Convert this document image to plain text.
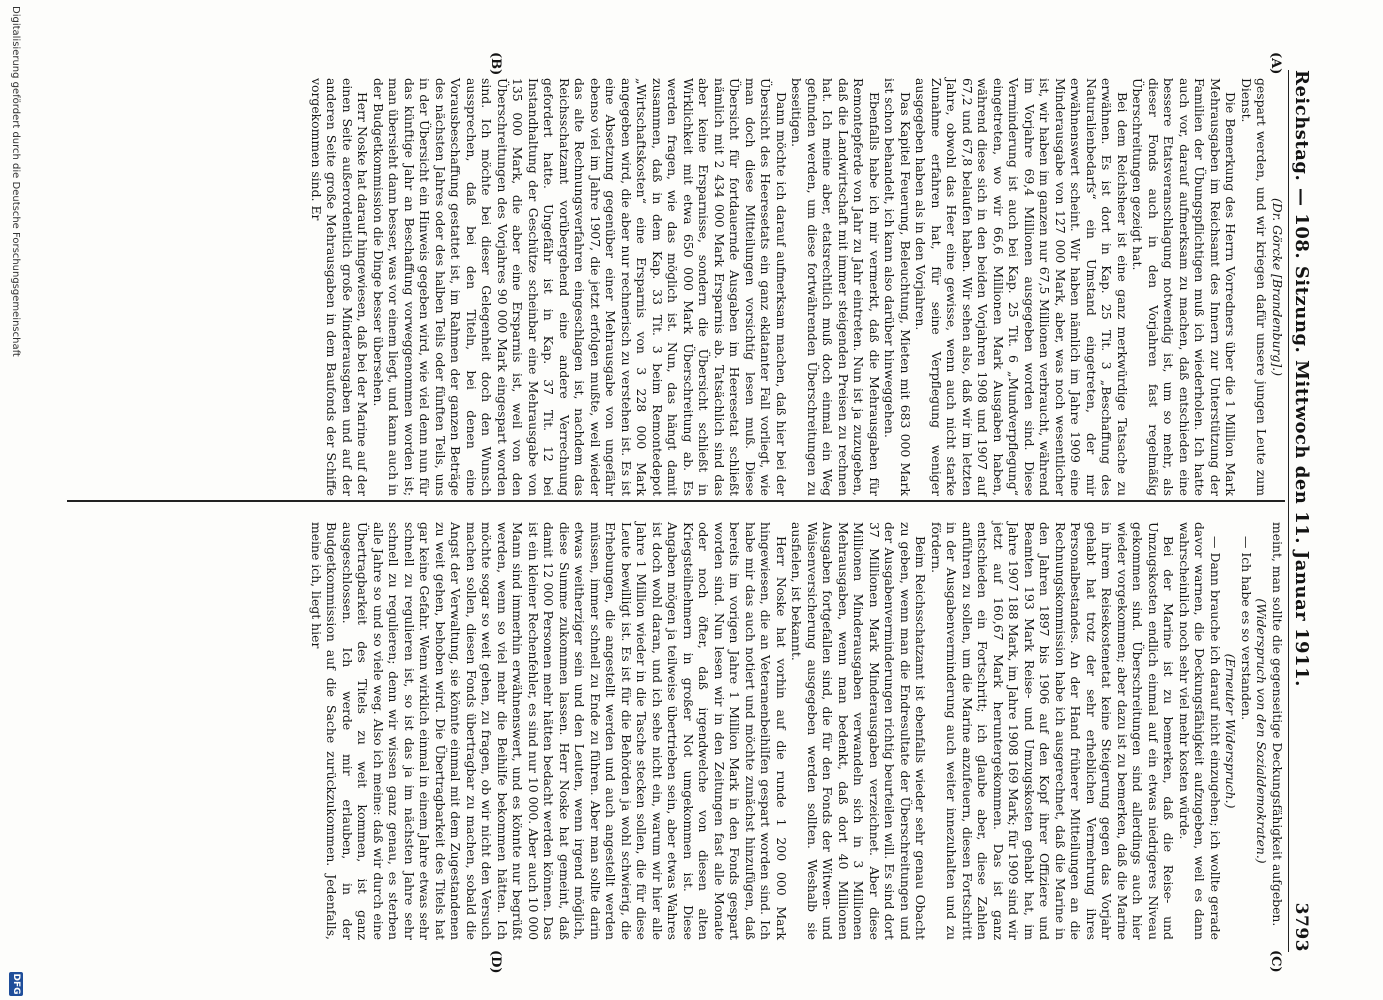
Reichstag. — 108. Sitzung. Mittwoch den 11. Januar 1911.
3793
(A)
(B)
(C)
(D)

(Dr. Görcke [Brandenburg].)

gespart werden, und wir kriegen dafür unsere jungen Leute zum Dienst.

Die Bemerkung des Herrn Vorredners über die 1 Million Mark Mehrausgaben im Reichsamt des Innern zur Unterstützung der Familien der Übungspflichtigen muß ich wiederholen. Ich hatte auch vor, darauf aufmerksam zu machen, daß entschieden eine bessere Etatsveranschlagung notwendig ist, um so mehr, als dieser Fonds auch in den Vorjahren fast regelmäßig Überschreitungen gezeigt hat.

Bei dem Reichsheer ist eine ganz merkwürdige Tatsache zu erwähnen. Es ist dort in Kap. 25 Tit. 3 „Beschaffung des Naturalienbedarfs“ ein Umstand eingetreten, der mir erwähnenswert scheint. Wir haben nämlich im Jahre 1909 eine Minderausgabe von 127 000 Mark, aber, was noch wesentlicher ist, wir haben im ganzen nur 67,5 Millionen verbraucht, während im Vorjahre 69,4 Millionen ausgegeben worden sind. Diese Verminderung ist auch bei Kap. 25 Tit. 6 „Mundverpflegung“ eingetreten, wo wir 66,6 Millionen Mark Ausgaben haben, während diese sich in den beiden Vorjahren 1908 und 1907 auf 67,2 und 67,8 belaufen haben. Wir sehen also, daß wir im letzten Jahre, obwohl das Heer eine gewisse, wenn auch nicht starke Zunahme erfahren hat, für seine Verpflegung weniger ausgegeben haben als in den Vorjahren.

Das Kapitel Feuerung, Beleuchtung, Mieten mit 683 000 Mark ist schon behandelt, ich kann also darüber hinweggehen.

Ebenfalls habe ich mir vermerkt, daß die Mehrausgaben für Remontepferde von Jahr zu Jahr eintreten. Nun ist ja zuzugeben, daß die Landwirtschaft mit immer steigenden Preisen zu rechnen hat. Ich meine aber, etatsrechtlich muß doch einmal ein Weg gefunden werden, um diese fortwährenden Überschreitungen zu beseitigen.

Dann möchte ich darauf aufmerksam machen, daß hier bei der Übersicht des Heeresetats ein ganz eklatanter Fall vorliegt, wie man doch diese Mitteilungen vorsichtig lesen muß. Diese Übersicht für fortdauernde Ausgaben im Heeresetat schließt nämlich mit 2 434 000 Mark Ersparnis ab. Tatsächlich sind das aber keine Ersparnisse, sondern die Übersicht schließt in Wirklichkeit mit etwa 650 000 Mark Überschreitung ab. Es werden fragen, wie das möglich ist. Nun, das hängt damit zusammen, daß in dem Kap. 33 Tit. 3 beim Remontedepot „Wirtschaftskosten“ eine Ersparnis von 3 228 000 Mark angegeben wird, die aber nur rechnerisch zu verstehen ist. Es ist eine Absetzung gegenüber einer Mehrausgabe von ungefähr ebenso viel im Jahre 1907, die jetzt erfolgen mußte, weil wieder das alte Rechnungsverfahren eingeschlagen ist, nachdem das Reichsschatzamt vorübergehend eine andere Verrechnung gefordert hatte. Ungefähr ist in Kap. 37 Tit. 12 bei Instandhaltung der Geschütze scheinbar eine Mehrausgabe von 135 000 Mark, die aber eine Ersparnis ist, weil von den Überschreitungen des Vorjahres 90 000 Mark eingespart worden sind. Ich möchte bei dieser Gelegenheit doch den Wunsch aussprechen, daß bei den Titeln, bei denen eine Vorausbeschaffung gestattet ist, im Rahmen der ganzen Beträge des nächsten Jahres oder des halben Teils oder fünften Teils, uns in der Übersicht ein Hinweis gegeben wird, wie viel denn nun für das künftige Jahr an Beschaffung vorweggenommen worden ist; man übersieht dann besser, was vor einem liegt, und kann auch in der Budgetkommission die Dinge besser übersehen.

Herr Noske hat darauf hingewiesen, daß bei der Marine auf der einen Seite außerordentlich große Minderausgaben und auf der anderen Seite große Mehrausgaben in dem Baufonds der Schiffe vorgekommen sind. Er

meint, man sollte die gegenseitige Deckungsfähigkeit aufgeben.

(Widerspruch von den Sozialdemokraten.)

— Ich habe es so verstanden.

(Erneuter Widerspruch.)

— Dann brauche ich darauf nicht einzugehen; ich wollte gerade davor warnen, die Deckungsfähigkeit aufzugeben, weil es dann wahrscheinlich noch sehr viel mehr kosten würde.

Bei der Marine ist zu bemerken, daß die Reise- und Umzugskosten endlich einmal auf ein etwas niedrigeres Niveau gekommen sind. Überschreitungen sind allerdings auch hier wieder vorgekommen; aber dazu ist zu bemerken, daß die Marine in ihrem Reisekostenetat keine Steigerung gegen das Vorjahr gehabt hat trotz der sehr erheblichen Vermehrung ihres Personalbestandes. An der Hand früherer Mitteilungen an die Rechnungskommission habe ich ausgerechnet, daß die Marine in den Jahren 1897 bis 1906 auf den Kopf ihrer Offiziere und Beamten 193 Mark Reise- und Umzugskosten gehabt hat, im Jahre 1907 188 Mark, im Jahre 1908 169 Mark; für 1909 sind wir jetzt auf 160,67 Mark heruntergekommen. Das ist ganz entschieden ein Fortschritt; ich glaube aber, diese Zahlen anführen zu sollen, um die Marine anzufeuern, diesen Fortschritt in der Ausgabenverminderung auch weiter innezuhalten und zu fördern.

Beim Reichsschatzamt ist ebenfalls wieder sehr genau Obacht zu geben, wenn man die Endresultate der Überschreitungen und der Ausgabenverminderungen richtig beurteilen will. Es sind dort 37 Millionen Mark Minderausgaben verzeichnet. Aber diese Millionen Minderausgaben verwandeln sich in 3 Millionen Mehrausgaben, wenn man bedenkt, daß dort 40 Millionen Ausgaben fortgefallen sind, die für den Fonds der Witwen- und Waisenversicherung ausgegeben werden sollten. Weshalb sie ausfielen, ist bekannt.

Herr Noske hat vorhin auf die runde 1 200 000 Mark hingewiesen, die an Veteranenbeihilfen gespart worden sind. Ich habe mir das auch notiert und möchte zunächst hinzufügen, daß bereits im vorigen Jahre 1 Million Mark in den Fonds gespart worden sind. Nun lesen wir in den Zeitungen fast alle Monate oder noch öfter, daß irgendwelche von diesen alten Kriegsteilnehmern in großer Not umgekommen ist. Diese Angaben mögen ja teilweise übertrieben sein, aber etwas Wahres ist doch wohl daran, und ich sehe nicht ein, warum wir hier alle Jahre 1 Million wieder in die Tasche stecken sollen, die für diese Leute bewilligt ist. Es ist für die Behörden ja wohl schwierig, die Erhebungen, die angestellt werden und auch angestellt werden müssen, immer schnell zu Ende zu führen. Aber man sollte darin etwas weitherziger sein und den Leuten, wenn irgend möglich, diese Summe zukommen lassen. Herr Noske hat gemeint, daß damit 12 000 Personen mehr hätten bedacht werden können. Das ist ein kleiner Rechenfehler, es sind nur 10 000. Aber auch 10 000 Mann sind immerhin erwähnenswert, und es könnte nur begrüßt werden, wenn so viel mehr die Beihilfe bekommen hätten. Ich möchte sogar so weit gehen, zu fragen, ob wir nicht den Versuch machen sollen, diesen Fonds übertragbar zu machen, sobald die Angst der Verwaltung, sie könnte einmal mit dem Zugestandenen zu weit gehen, behoben wird. Die Übertragbarkeit des Titels hat gar keine Gefahr. Wenn wirklich einmal in einem Jahre etwas sehr schnell zu regulieren ist, so ist das ja im nächsten Jahre sehr schnell zu regulieren; denn wir wissen ganz genau, es sterben alle Jahre so und so viele weg. Also ich meine: daß wir durch eine Übertragbarkeit des Titels zu weit kommen, ist ganz ausgeschlossen. Ich werde mir erlauben, in der Budgetkommission auf die Sache zurückzukommen. Jedenfalls, meine ich, liegt hier

Digitalisierung gefördert durch die Deutsche Forschungsgemeinschaft
DFG
